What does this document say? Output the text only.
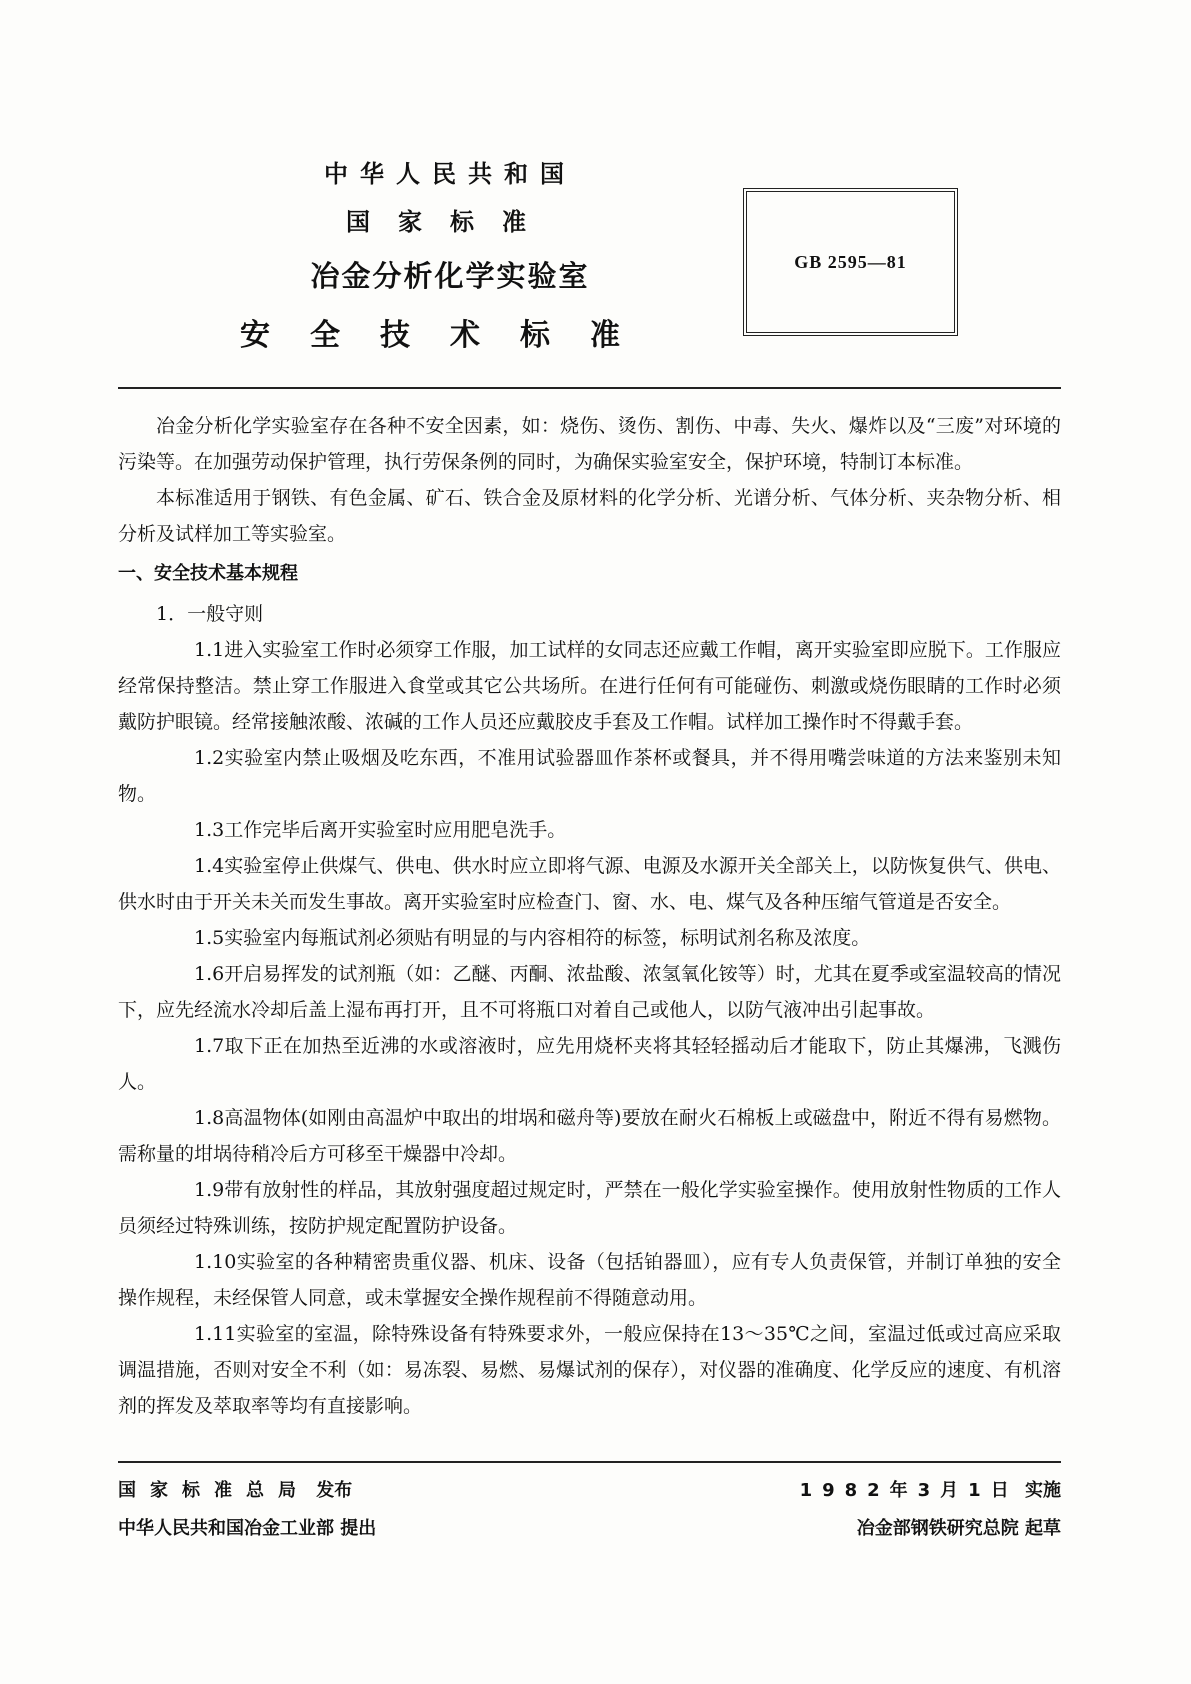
中华人民共和国

国家标准

冶金分析化学实验室

安全技术标准

GB 2595—81

冶金分析化学实验室存在各种不安全因素，如：烧伤、烫伤、割伤、中毒、失火、爆炸以及“三废”对环境的污染等。在加强劳动保护管理，执行劳保条例的同时，为确保实验室安全，保护环境，特制订本标准。

本标准适用于钢铁、有色金属、矿石、铁合金及原材料的化学分析、光谱分析、气体分析、夹杂物分析、相分析及试样加工等实验室。

一、安全技术基本规程

1．一般守则

1.1进入实验室工作时必须穿工作服，加工试样的女同志还应戴工作帽，离开实验室即应脱下。工作服应经常保持整洁。禁止穿工作服进入食堂或其它公共场所。在进行任何有可能碰伤、刺激或烧伤眼睛的工作时必须戴防护眼镜。经常接触浓酸、浓碱的工作人员还应戴胶皮手套及工作帽。试样加工操作时不得戴手套。

1.2实验室内禁止吸烟及吃东西，不准用试验器皿作茶杯或餐具，并不得用嘴尝味道的方法来鉴别未知物。

1.3工作完毕后离开实验室时应用肥皂洗手。

1.4实验室停止供煤气、供电、供水时应立即将气源、电源及水源开关全部关上，以防恢复供气、供电、供水时由于开关未关而发生事故。离开实验室时应检查门、窗、水、电、煤气及各种压缩气管道是否安全。

1.5实验室内每瓶试剂必须贴有明显的与内容相符的标签，标明试剂名称及浓度。

1.6开启易挥发的试剂瓶（如：乙醚、丙酮、浓盐酸、浓氢氧化铵等）时，尤其在夏季或室温较高的情况下，应先经流水冷却后盖上湿布再打开，且不可将瓶口对着自己或他人，以防气液冲出引起事故。

1.7取下正在加热至近沸的水或溶液时，应先用烧杯夹将其轻轻摇动后才能取下，防止其爆沸，飞溅伤人。

1.8高温物体(如刚由高温炉中取出的坩埚和磁舟等)要放在耐火石棉板上或磁盘中，附近不得有易燃物。需称量的坩埚待稍冷后方可移至干燥器中冷却。

1.9带有放射性的样品，其放射强度超过规定时，严禁在一般化学实验室操作。使用放射性物质的工作人员须经过特殊训练，按防护规定配置防护设备。

1.10实验室的各种精密贵重仪器、机床、设备（包括铂器皿），应有专人负责保管，并制订单独的安全操作规程，未经保管人同意，或未掌握安全操作规程前不得随意动用。

1.11实验室的室温，除特殊设备有特殊要求外，一般应保持在13～35℃之间，室温过低或过高应采取调温措施，否则对安全不利（如：易冻裂、易燃、易爆试剂的保存），对仪器的准确度、化学反应的速度、有机溶剂的挥发及萃取率等均有直接影响。

国家标准总局 发布	1982年3月1日 实施
中华人民共和国冶金工业部 提出	冶金部钢铁研究总院 起草
